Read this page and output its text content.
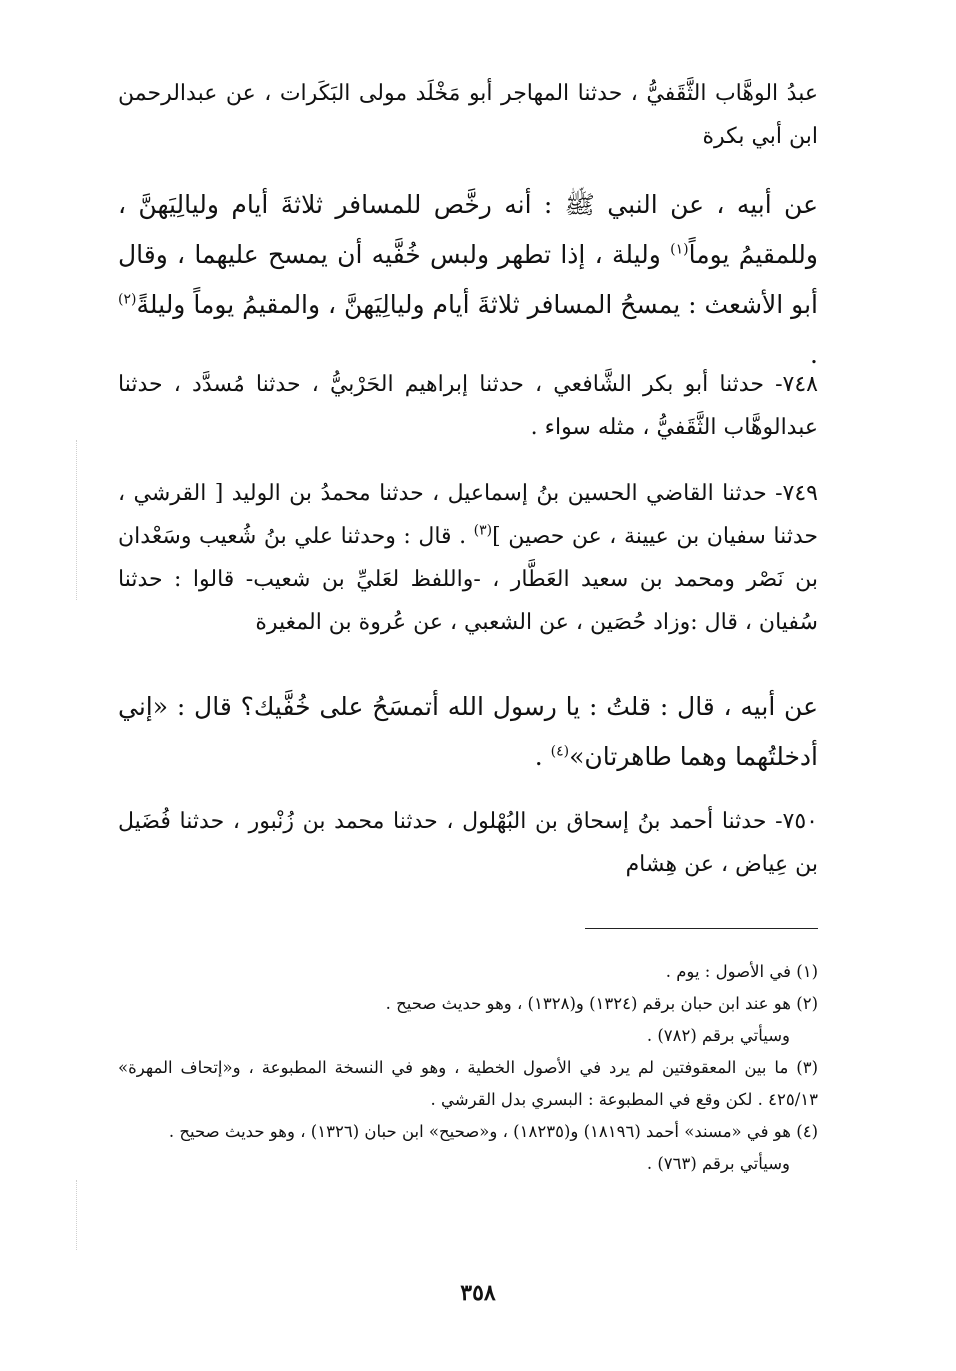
عبدُ الوهَّاب الثَّقَفيُّ ، حدثنا المهاجر أبو مَخْلَد مولى البَكَرات ، عن عبدالرحمن ابن أبي بكرة

عن أبيه ، عن النبي ﷺ : أنه رخَّص للمسافر ثلاثةَ أيام وليالِيَهنَّ ، وللمقيمُ يوماً$^{(١)}$ وليلة ، إذا تطهر ولبس خُفَّيه أن يمسح عليهما ، وقال أبو الأشعث : يمسحُ المسافر ثلاثةَ أيام وليالِيَهنَّ ، والمقيمُ يوماً وليلةً$^{(٢)}$ .

٧٤٨- حدثنا أبو بكر الشَّافعي ، حدثنا إبراهيم الحَرْبيُّ ، حدثنا مُسدَّد ، حدثنا عبدالوهَّاب الثَّقَفيُّ ، مثله سواء .

٧٤٩- حدثنا القاضي الحسين بنُ إسماعيل ، حدثنا محمدُ بن الوليد [ القرشي ، حدثنا سفيان بن عيينة ، عن حصين ]$^{(٣)}$ . قال : وحدثنا علي بنُ شُعيب وسَعْدان بن نَصْر ومحمد بن سعيد العَطَّار ، -واللفظ لعَليِّ بن شعيب- قالوا : حدثنا سُفيان ، قال :وزاد حُصَين ، عن الشعبي ، عن عُروة بن المغيرة

عن أبيه ، قال : قلتُ : يا رسول الله أتمسَحُ على خُفَّيك؟ قال : «إني أدخلتُهما وهما طاهرتان»$^{(٤)}$ .

٧٥٠- حدثنا أحمد بنُ إسحاق بن البُهْلول ، حدثنا محمد بن زُنْبور ، حدثنا فُضَيل بن عِياض ، عن هِشام

(١) في الأصول : يوم .

(٢) هو عند ابن حبان برقم (١٣٢٤) و(١٣٢٨) ، وهو حديث صحيح .

وسيأتي برقم (٧٨٢) .

(٣) ما بين المعقوفتين لم يرد في الأصول الخطية ، وهو في النسخة المطبوعة ، و«إتحاف المهرة» ٤٢٥/١٣ . لكن وقع في المطبوعة : البسري بدل القرشي .

(٤) هو في «مسند» أحمد (١٨١٩٦) و(١٨٢٣٥) ، و«صحيح» ابن حبان (١٣٢٦) ، وهو حديث صحيح .

وسيأتي برقم (٧٦٣) .

٣٥٨
